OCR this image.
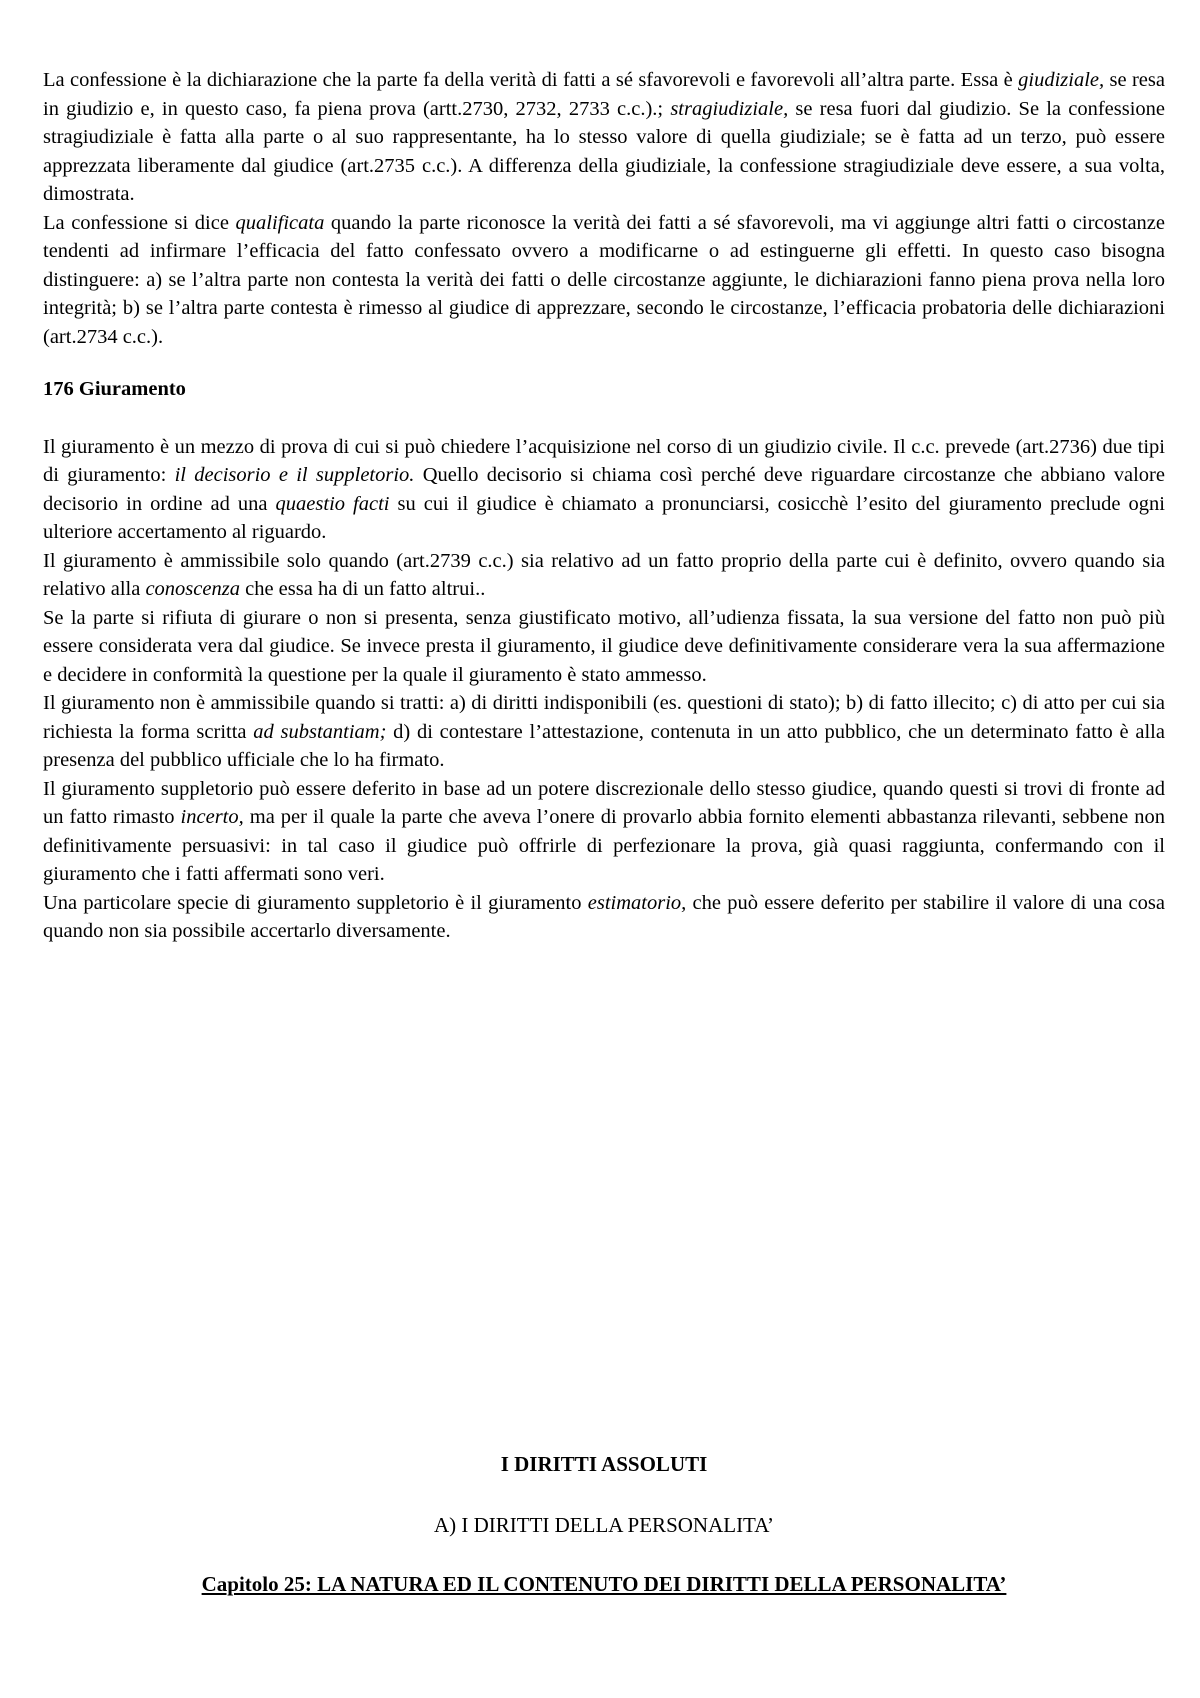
La confessione è la dichiarazione che la parte fa della verità di fatti a sé sfavorevoli e favorevoli all’altra parte. Essa è giudiziale, se resa in giudizio e, in questo caso, fa piena prova (artt.2730, 2732, 2733 c.c.).; stragiudiziale, se resa fuori dal giudizio. Se la confessione stragiudiziale è fatta alla parte o al suo rappresentante, ha lo stesso valore di quella giudiziale; se è fatta ad un terzo, può essere apprezzata liberamente dal giudice (art.2735 c.c.). A differenza della giudiziale, la confessione stragiudiziale deve essere, a sua volta, dimostrata.

La confessione si dice qualificata quando la parte riconosce la verità dei fatti a sé sfavorevoli, ma vi aggiunge altri fatti o circostanze tendenti ad infirmare l’efficacia del fatto confessato ovvero a modificarne o ad estinguerne gli effetti. In questo caso bisogna distinguere: a) se l’altra parte non contesta la verità dei fatti o delle circostanze aggiunte, le dichiarazioni fanno piena prova nella loro integrità; b) se l’altra parte contesta è rimesso al giudice di apprezzare, secondo le circostanze, l’efficacia probatoria delle dichiarazioni (art.2734 c.c.).

176 Giuramento

Il giuramento è un mezzo di prova di cui si può chiedere l’acquisizione nel corso di un giudizio civile. Il c.c. prevede (art.2736) due tipi di giuramento: il decisorio e il suppletorio. Quello decisorio si chiama così perché deve riguardare circostanze che abbiano valore decisorio in ordine ad una quaestio facti su cui il giudice è chiamato a pronunciarsi, cosicchè l’esito del giuramento preclude ogni ulteriore accertamento al riguardo.

Il giuramento è ammissibile solo quando (art.2739 c.c.) sia relativo ad un fatto proprio della parte cui è definito, ovvero quando sia relativo alla conoscenza che essa ha di un fatto altrui..

Se la parte si rifiuta di giurare o non si presenta, senza giustificato motivo, all’udienza fissata, la sua versione del fatto non può più essere considerata vera dal giudice. Se invece presta il giuramento, il giudice deve definitivamente considerare vera la sua affermazione e decidere in conformità la questione per la quale il giuramento è stato ammesso.

Il giuramento non è ammissibile quando si tratti: a) di diritti indisponibili (es. questioni di stato); b) di fatto illecito; c) di atto per cui sia richiesta la forma scritta ad substantiam; d) di contestare l’attestazione, contenuta in un atto pubblico, che un determinato fatto è alla presenza del pubblico ufficiale che lo ha firmato.

Il giuramento suppletorio può essere deferito in base ad un potere discrezionale dello stesso giudice, quando questi si trovi di fronte ad un fatto rimasto incerto, ma per il quale la parte che aveva l’onere di provarlo abbia fornito elementi abbastanza rilevanti, sebbene non definitivamente persuasivi: in tal caso il giudice può offrirle di perfezionare la prova, già quasi raggiunta, confermando con il giuramento che i fatti affermati sono veri.

Una particolare specie di giuramento suppletorio è il giuramento estimatorio, che può essere deferito per stabilire il valore di una cosa quando non sia possibile accertarlo diversamente.

I DIRITTI ASSOLUTI
A) I DIRITTI DELLA PERSONALITA’
Capitolo 25: LA NATURA ED IL CONTENUTO DEI DIRITTI DELLA PERSONALITA’
